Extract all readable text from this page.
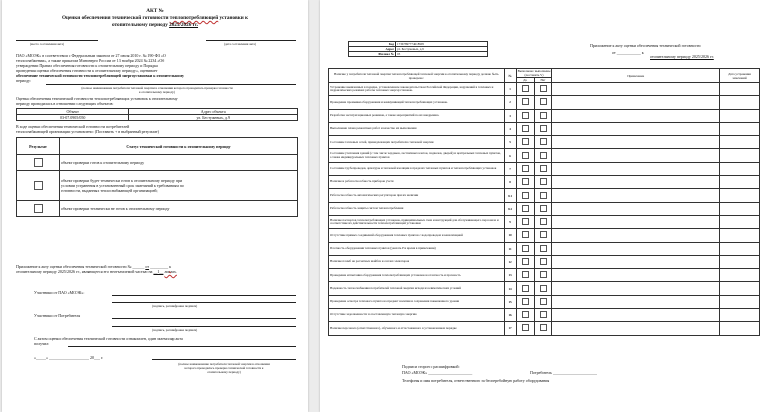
АКТ №
Оценки обеспечения технической готовности теплопотребляющей установки к
отопительному периоду 2025/2026 гг.
(место составления акта)	(дата составления акта)
ПАО «МОЭК» в соответствии с Федеральным законом от 27 июля 2010 г. № 190-ФЗ «О
теплоснабжении», а также приказом Минэнерго России от 13 ноября 2024 № 2234 «Об
утверждении Правил обеспечения готовности к отопительному периоду и Порядка
проведения оценки обеспечения готовности к отопительному периоду», оценивает
обеспечение технической готовности теплопотребляющей энергоустановки к отопительному
периоду:
(полное наименование потребителя тепловой энергии в отношении которого проводилась проверка готовности
к отопительному периоду)
Оценка обеспечения технической готовности теплопотребляющих установок к отопительному
периоду проводилась в отношении следующих объектов:
Объект	Адрес объекта
03-07.0905/050	ул. Бестужевых, д.9
В ходе оценки обеспечения технической готовности потребителей
теплоснабжающей организации установлено: (Поставить + в выбранный результат)
Результат	Статус технической готовности к отопительному периоду
	объект проверки готов к отопительному периоду

	объект проверки будет технически готов к отопительному периоду при
условии устранения в установленный срок замечаний к требованиям по
готовности, выданных теплоснабжающей организацией;

	объект проверки технически не готов к отопительному периоду
Приложение к акту оценки обеспечения технической готовности № ______ от _________ к
отопительному периоду 2025/2026 гг., являющееся его неотъемлемой частью на __1__ листах.
Участники от ПАО «МОЭК»:
(подпись, расшифровка подписи)
Участники от Потребителя
(подпись, расшифровка подписи)
С актом оценки обеспечения технической готовности ознакомлен, один экземпляр акта
получил:
«_____» ____________________ 20___ г.
(полное наименование потребителя тепловой энергии в отношении
которого проводилась проверка технической готовности к
отопительному периоду)
Код	17367897774618995
Адрес	ул. Бестужевых, д.9
Филиал №	03
Приложение к акту оценки обеспечения технической готовности
от ____________ к
отопительному периоду 2025/2026 гг.
Наличие у потребителя тепловой энергии теплопотребляющей тепловой энергии к отопительному периоду должно быть проверено:	№	Выполнено/ выполнены (поставить V)		Примечание	Дата устранения замечаний
		Да	Нет		
Устранение выявленных в порядке, установленном законодательством Российской Федерации, нарушений в тепловых и гидравлических режимах работы тепловых энергоустановок.	1				
Проведение промывки оборудования и коммуникаций теплопотребляющих установок.	2				
Разработка эксплуатационных режимов, а также мероприятий по их внедрению.	3				
Выполнение плана ремонтных работ и качество их выполнения	4				
Состояние тепловых сетей, принадлежащих потребителю тепловой энергии	5				
Состояние утепления зданий (с том числе чердаков, лестничных клеток, подвалов, дверей) и центральных тепловых пунктов, а также индивидуальных тепловых пунктов	6				
Состояние трубопроводов, арматуры и тепловой изоляции в пределах тепловых пунктов и теплопотребляющих установок	7				
Наличие и работоспособность приборов учета:	8				
Работоспособность автоматических регуляторов при их наличии	8.1				
Работоспособность защиты систем теплопотребления	8.2				
Наличие паспортов теплопотребляющих установок, принципиальных схем и инструкций для обслуживающего персонала и соответствие их действительности теплопотребляющей установки	9				
Отсутствие прямых соединений оборудования тепловых пунктов с водопроводом и канализацией	10				
Плотность оборудования тепловых пунктов (указать P и время в примечании)	11				
Наличие пломб на расчетных шайбах и соплах элеваторов	12				
Проведение испытания оборудования теплопотребляющих установок на плотность и прочность	13				
Надежность теплоснабжения потребителей тепловой энергии исходя из климатических условий	14				
Проведение осмотра теплового пункта на предмет наличия и сохранения повышенного уровня	15				
Отсутствие задолженности за поставленную тепловую энергию	16				
Наличие персонала (ответственного), обученного и аттестованного в установленном порядке	17				
Подписи сторон с расшифровкой:
ПАО «МОЭК» ______________________	Потребитель ______________________
Телефоны и имя потребителя, ответственного за бесперебойную работу оборудования
